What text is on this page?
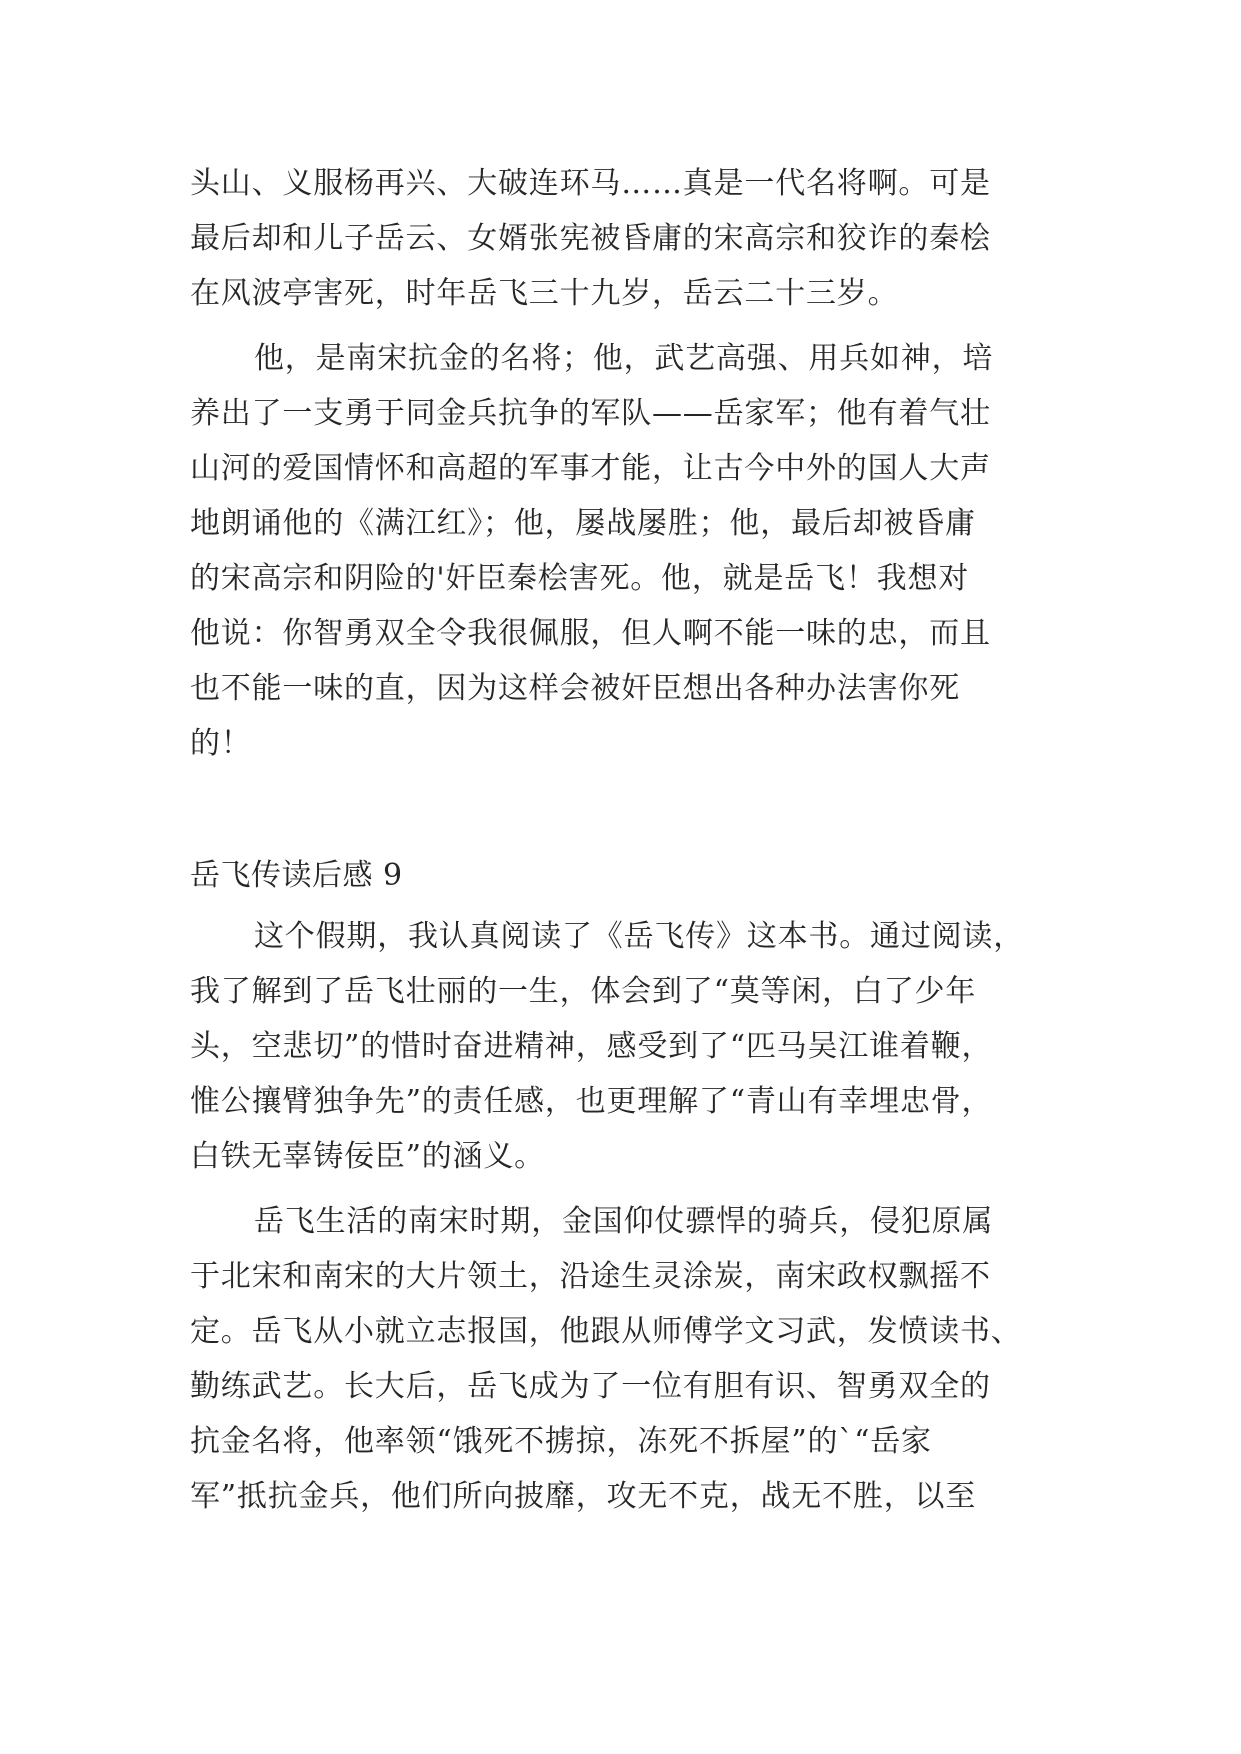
头山、义服杨再兴、大破连环马……真是一代名将啊。可是
最后却和儿子岳云、女婿张宪被昏庸的宋高宗和狡诈的秦桧
在风波亭害死，时年岳飞三十九岁，岳云二十三岁。
他，是南宋抗金的名将；他，武艺高强、用兵如神，培
养出了一支勇于同金兵抗争的军队——岳家军；他有着气壮
山河的爱国情怀和高超的军事才能，让古今中外的国人大声
地朗诵他的《满江红》；他，屡战屡胜；他，最后却被昏庸
的宋高宗和阴险的'奸臣秦桧害死。他，就是岳飞！我想对
他说：你智勇双全令我很佩服，但人啊不能一味的忠，而且
也不能一味的直，因为这样会被奸臣想出各种办法害你死
的！
岳飞传读后感 9
这个假期，我认真阅读了《岳飞传》这本书。通过阅读，
我了解到了岳飞壮丽的一生，体会到了“莫等闲，白了少年
头，空悲切”的惜时奋进精神，感受到了“匹马吴江谁着鞭，
惟公攘臂独争先”的责任感，也更理解了“青山有幸埋忠骨，
白铁无辜铸佞臣”的涵义。
岳飞生活的南宋时期，金国仰仗骠悍的骑兵，侵犯原属
于北宋和南宋的大片领土，沿途生灵涂炭，南宋政权飘摇不
定。岳飞从小就立志报国，他跟从师傅学文习武，发愤读书、
勤练武艺。长大后，岳飞成为了一位有胆有识、智勇双全的
抗金名将，他率领“饿死不掳掠，冻死不拆屋”的`“岳家
军”抵抗金兵，他们所向披靡，攻无不克，战无不胜，以至
